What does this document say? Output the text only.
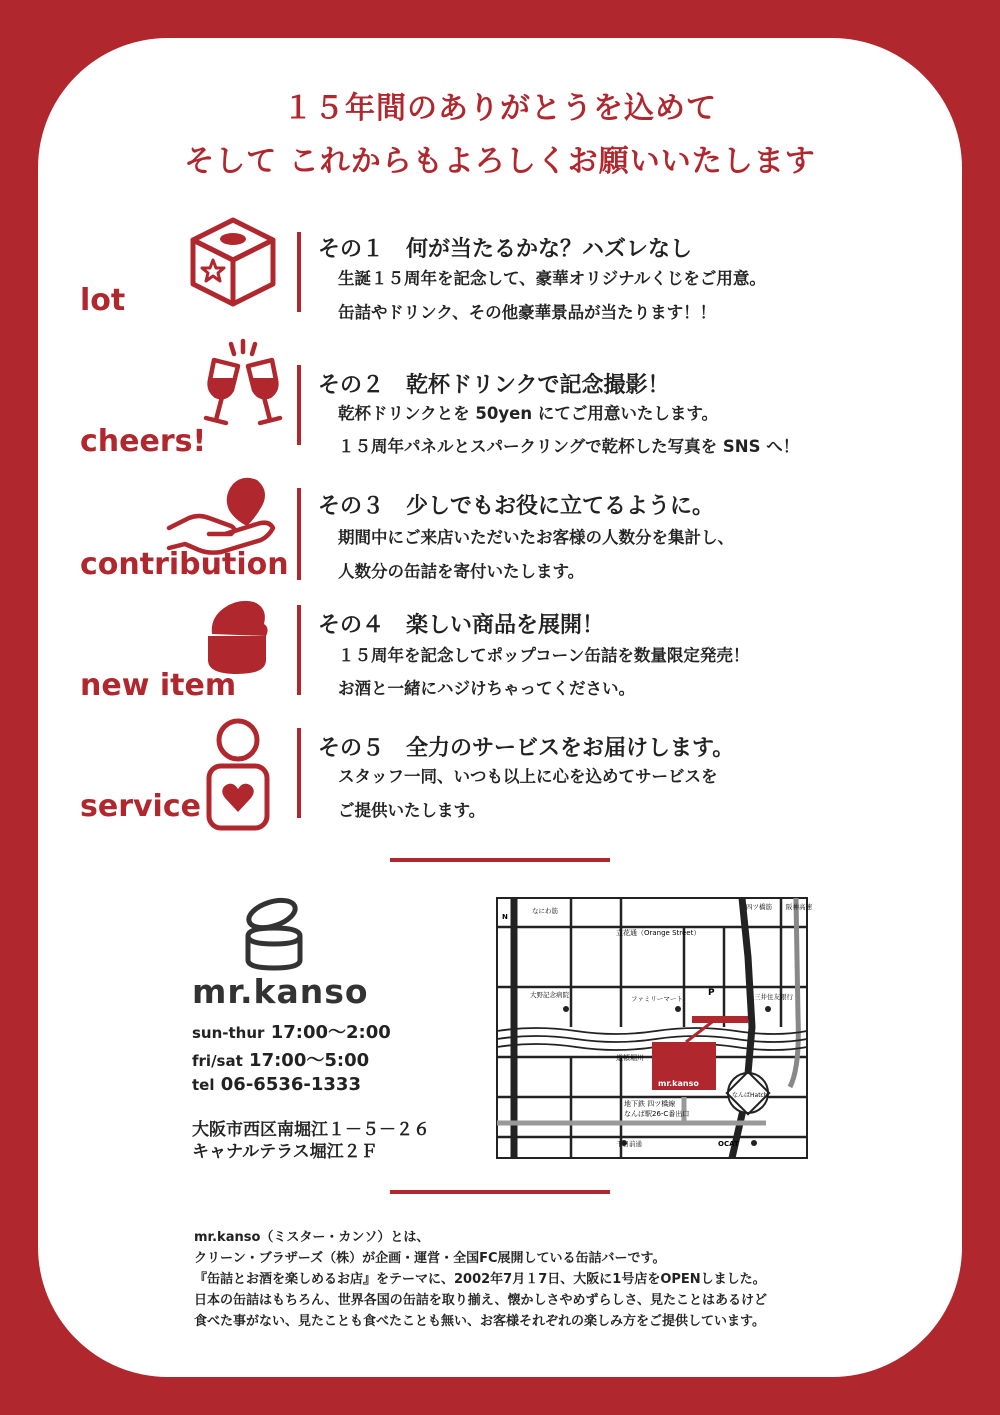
１５年間のありがとうを込めて
そして これからもよろしくお願いいたします
lot
その１　何が当たるかな？ハズレなし
生誕１５周年を記念して、豪華オリジナルくじをご用意。
缶詰やドリンク、その他豪華景品が当たります！！
cheers!
その２　乾杯ドリンクで記念撮影！
乾杯ドリンクとを 50yen にてご用意いたします。
１５周年パネルとスパークリングで乾杯した写真を SNS へ！
contribution
その３　少しでもお役に立てるように。
期間中にご来店いただいたお客様の人数分を集計し、
人数分の缶詰を寄付いたします。
new item
その４　楽しい商品を展開！
１５周年を記念してポップコーン缶詰を数量限定発売！
お酒と一緒にハジけちゃってください。
service
その５　全力のサービスをお届けします。
スタッフ一同、いつも以上に心を込めてサービスを
ご提供いたします。
mr.kanso
sun-thur 17:00〜2:00
fri/sat 17:00〜5:00
tel 06-6536-1333
大阪市西区南堀江１－５－２６
キャナルテラス堀江２Ｆ
N
なにわ筋	四ツ橋筋 阪神高速
立花通（Orange Street）
大野記念病院	ファミリーマート
P	三井住友銀行
道頓堀川
mr.kanso
地下鉄 四ツ橋線
なんば駅26-C番出口
なんばHatch
千日前通	OCAT
mr.kanso（ミスター・カンソ）とは、
クリーン・ブラザーズ（株）が企画・運営・全国FC展開している缶詰バーです。
『缶詰とお酒を楽しめるお店』をテーマに、2002年7月１7日、大阪に1号店をOPENしました。
日本の缶詰はもちろん、世界各国の缶詰を取り揃え、懐かしさやめずらしさ、見たことはあるけど
食べた事がない、見たことも食べたことも無い、お客様それぞれの楽しみ方をご提供しています。
